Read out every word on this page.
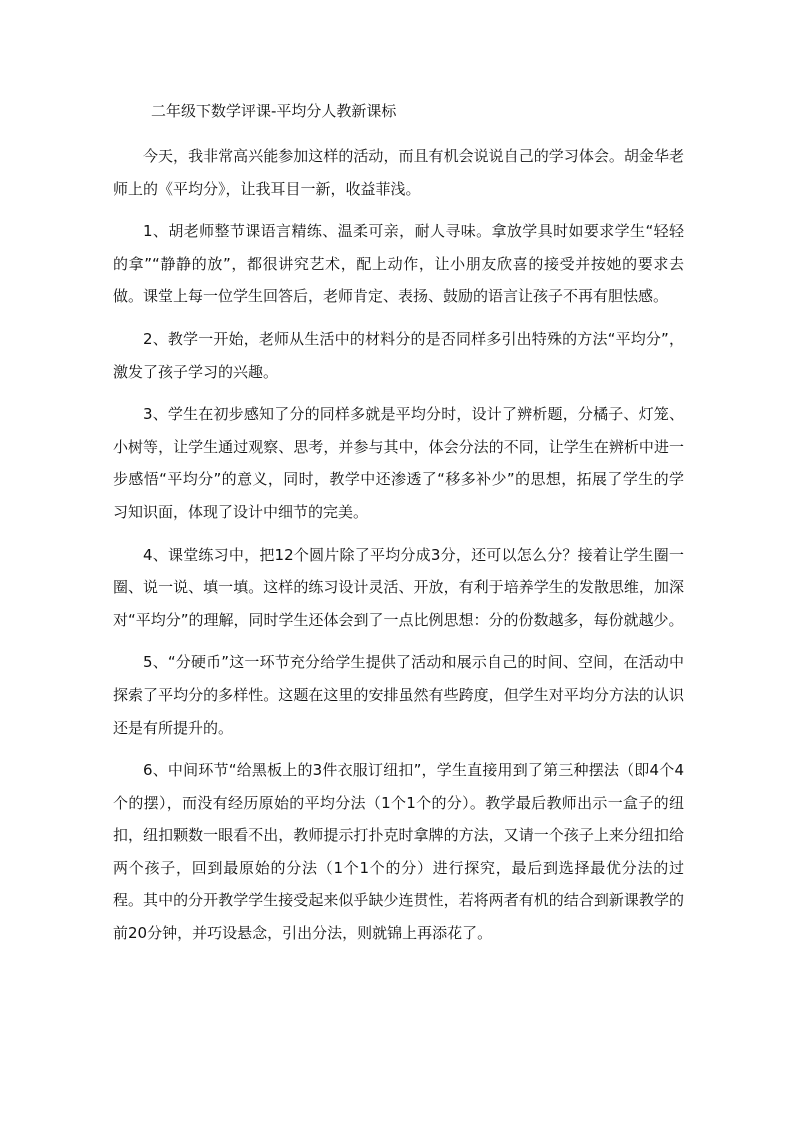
二年级下数学评课-平均分人教新课标

今天，我非常高兴能参加这样的活动，而且有机会说说自己的学习体会。胡金华老师上的《平均分》，让我耳目一新，收益菲浅。

1、胡老师整节课语言精练、温柔可亲，耐人寻味。拿放学具时如要求学生“轻轻的拿”“静静的放”，都很讲究艺术，配上动作，让小朋友欣喜的接受并按她的要求去做。课堂上每一位学生回答后，老师肯定、表扬、鼓励的语言让孩子不再有胆怯感。

2、教学一开始，老师从生活中的材料分的是否同样多引出特殊的方法“平均分”，激发了孩子学习的兴趣。

3、学生在初步感知了分的同样多就是平均分时，设计了辨析题，分橘子、灯笼、小树等，让学生通过观察、思考，并参与其中，体会分法的不同，让学生在辨析中进一步感悟“平均分”的意义，同时，教学中还渗透了“移多补少”的思想，拓展了学生的学习知识面，体现了设计中细节的完美。

4、课堂练习中，把12个圆片除了平均分成3分，还可以怎么分？接着让学生圈一圈、说一说、填一填。这样的练习设计灵活、开放，有利于培养学生的发散思维，加深对“平均分”的理解，同时学生还体会到了一点比例思想：分的份数越多，每份就越少。

5、“分硬币”这一环节充分给学生提供了活动和展示自己的时间、空间，在活动中探索了平均分的多样性。这题在这里的安排虽然有些跨度，但学生对平均分方法的认识还是有所提升的。

6、中间环节“给黑板上的3件衣服订纽扣”，学生直接用到了第三种摆法（即4个4个的摆），而没有经历原始的平均分法（1个1个的分）。教学最后教师出示一盒子的纽扣，纽扣颗数一眼看不出，教师提示打扑克时拿牌的方法，又请一个孩子上来分纽扣给两个孩子，回到最原始的分法（1个1个的分）进行探究，最后到选择最优分法的过程。其中的分开教学学生接受起来似乎缺少连贯性，若将两者有机的结合到新课教学的前20分钟，并巧设悬念，引出分法，则就锦上再添花了。
